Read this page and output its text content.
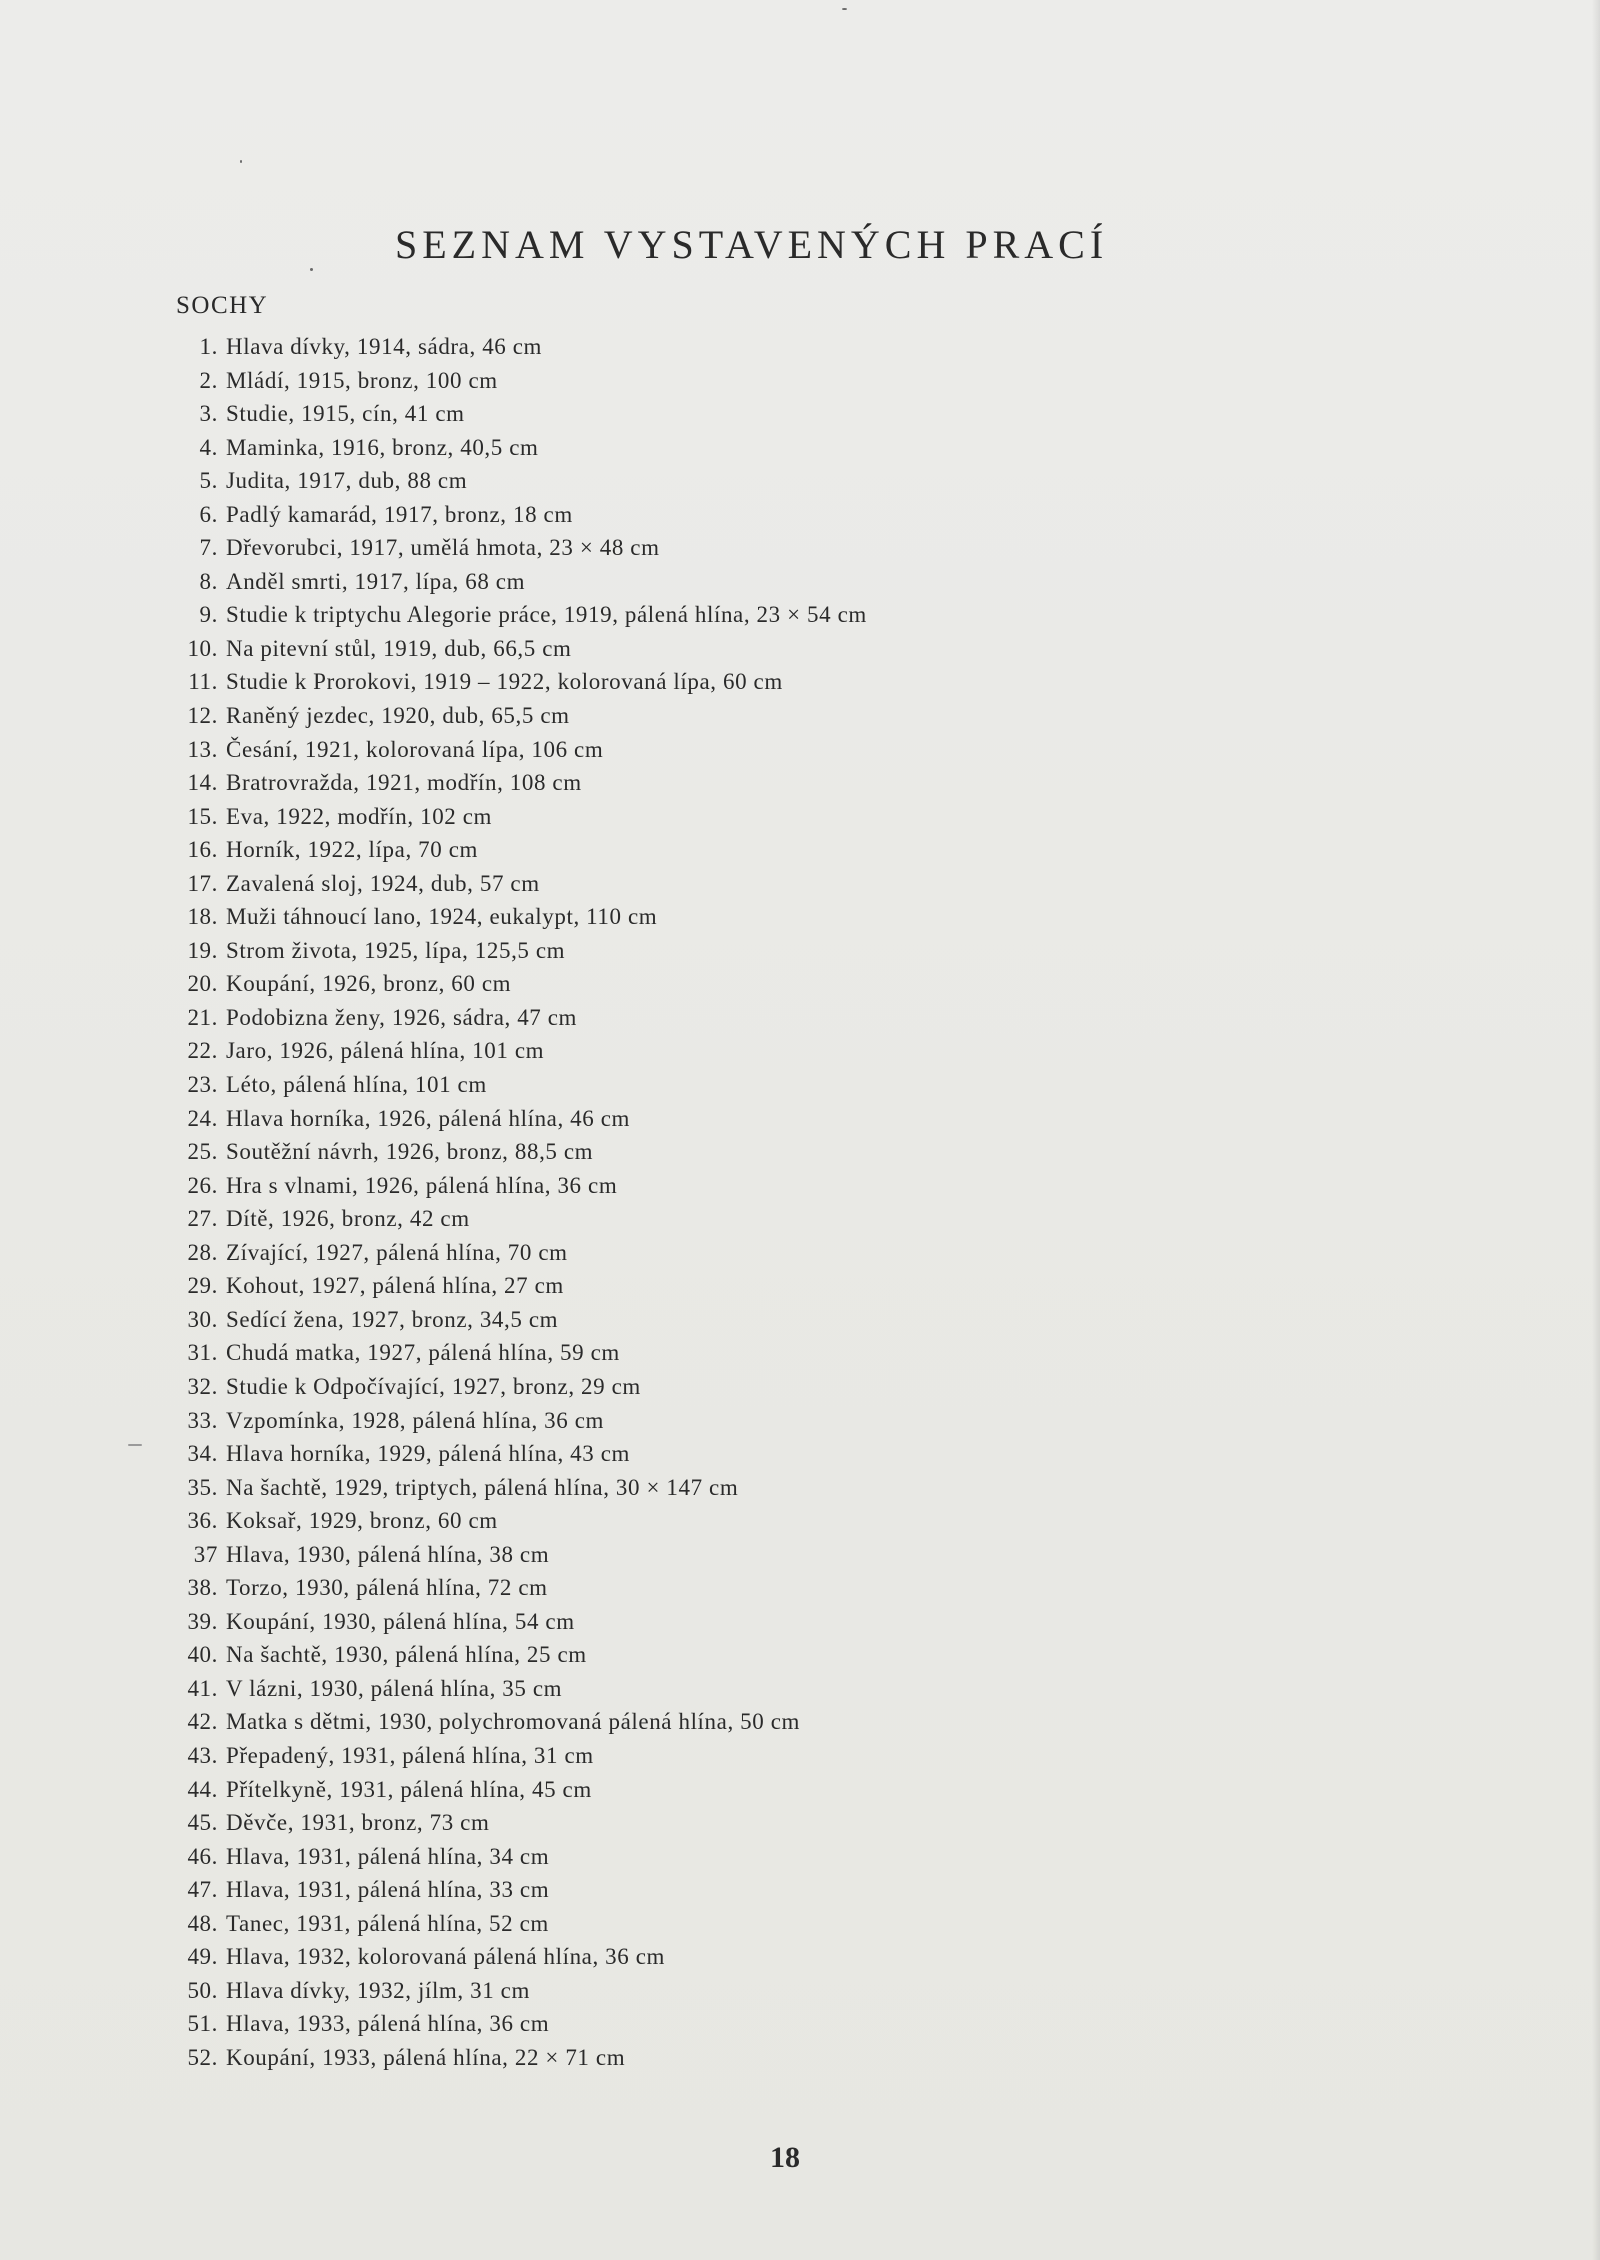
SEZNAM VYSTAVENÝCH PRACÍ
SOCHY
1. Hlava dívky, 1914, sádra, 46 cm
2. Mládí, 1915, bronz, 100 cm
3. Studie, 1915, cín, 41 cm
4. Maminka, 1916, bronz, 40,5 cm
5. Judita, 1917, dub, 88 cm
6. Padlý kamarád, 1917, bronz, 18 cm
7. Dřevorubci, 1917, umělá hmota, 23 × 48 cm
8. Anděl smrti, 1917, lípa, 68 cm
9. Studie k triptychu Alegorie práce, 1919, pálená hlína, 23 × 54 cm
10. Na pitevní stůl, 1919, dub, 66,5 cm
11. Studie k Prorokovi, 1919 – 1922, kolorovaná lípa, 60 cm
12. Raněný jezdec, 1920, dub, 65,5 cm
13. Česání, 1921, kolorovaná lípa, 106 cm
14. Bratrovražda, 1921, modřín, 108 cm
15. Eva, 1922, modřín, 102 cm
16. Horník, 1922, lípa, 70 cm
17. Zavalená sloj, 1924, dub, 57 cm
18. Muži táhnoucí lano, 1924, eukalypt, 110 cm
19. Strom života, 1925, lípa, 125,5 cm
20. Koupání, 1926, bronz, 60 cm
21. Podobizna ženy, 1926, sádra, 47 cm
22. Jaro, 1926, pálená hlína, 101 cm
23. Léto, pálená hlína, 101 cm
24. Hlava horníka, 1926, pálená hlína, 46 cm
25. Soutěžní návrh, 1926, bronz, 88,5 cm
26. Hra s vlnami, 1926, pálená hlína, 36 cm
27. Dítě, 1926, bronz, 42 cm
28. Zívající, 1927, pálená hlína, 70 cm
29. Kohout, 1927, pálená hlína, 27 cm
30. Sedící žena, 1927, bronz, 34,5 cm
31. Chudá matka, 1927, pálená hlína, 59 cm
32. Studie k Odpočívající, 1927, bronz, 29 cm
33. Vzpomínka, 1928, pálená hlína, 36 cm
34. Hlava horníka, 1929, pálená hlína, 43 cm
35. Na šachtě, 1929, triptych, pálená hlína, 30 × 147 cm
36. Koksař, 1929, bronz, 60 cm
37 Hlava, 1930, pálená hlína, 38 cm
38. Torzo, 1930, pálená hlína, 72 cm
39. Koupání, 1930, pálená hlína, 54 cm
40. Na šachtě, 1930, pálená hlína, 25 cm
41. V lázni, 1930, pálená hlína, 35 cm
42. Matka s dětmi, 1930, polychromovaná pálená hlína, 50 cm
43. Přepadený, 1931, pálená hlína, 31 cm
44. Přítelkyně, 1931, pálená hlína, 45 cm
45. Děvče, 1931, bronz, 73 cm
46. Hlava, 1931, pálená hlína, 34 cm
47. Hlava, 1931, pálená hlína, 33 cm
48. Tanec, 1931, pálená hlína, 52 cm
49. Hlava, 1932, kolorovaná pálená hlína, 36 cm
50. Hlava dívky, 1932, jílm, 31 cm
51. Hlava, 1933, pálená hlína, 36 cm
52. Koupání, 1933, pálená hlína, 22 × 71 cm
18
